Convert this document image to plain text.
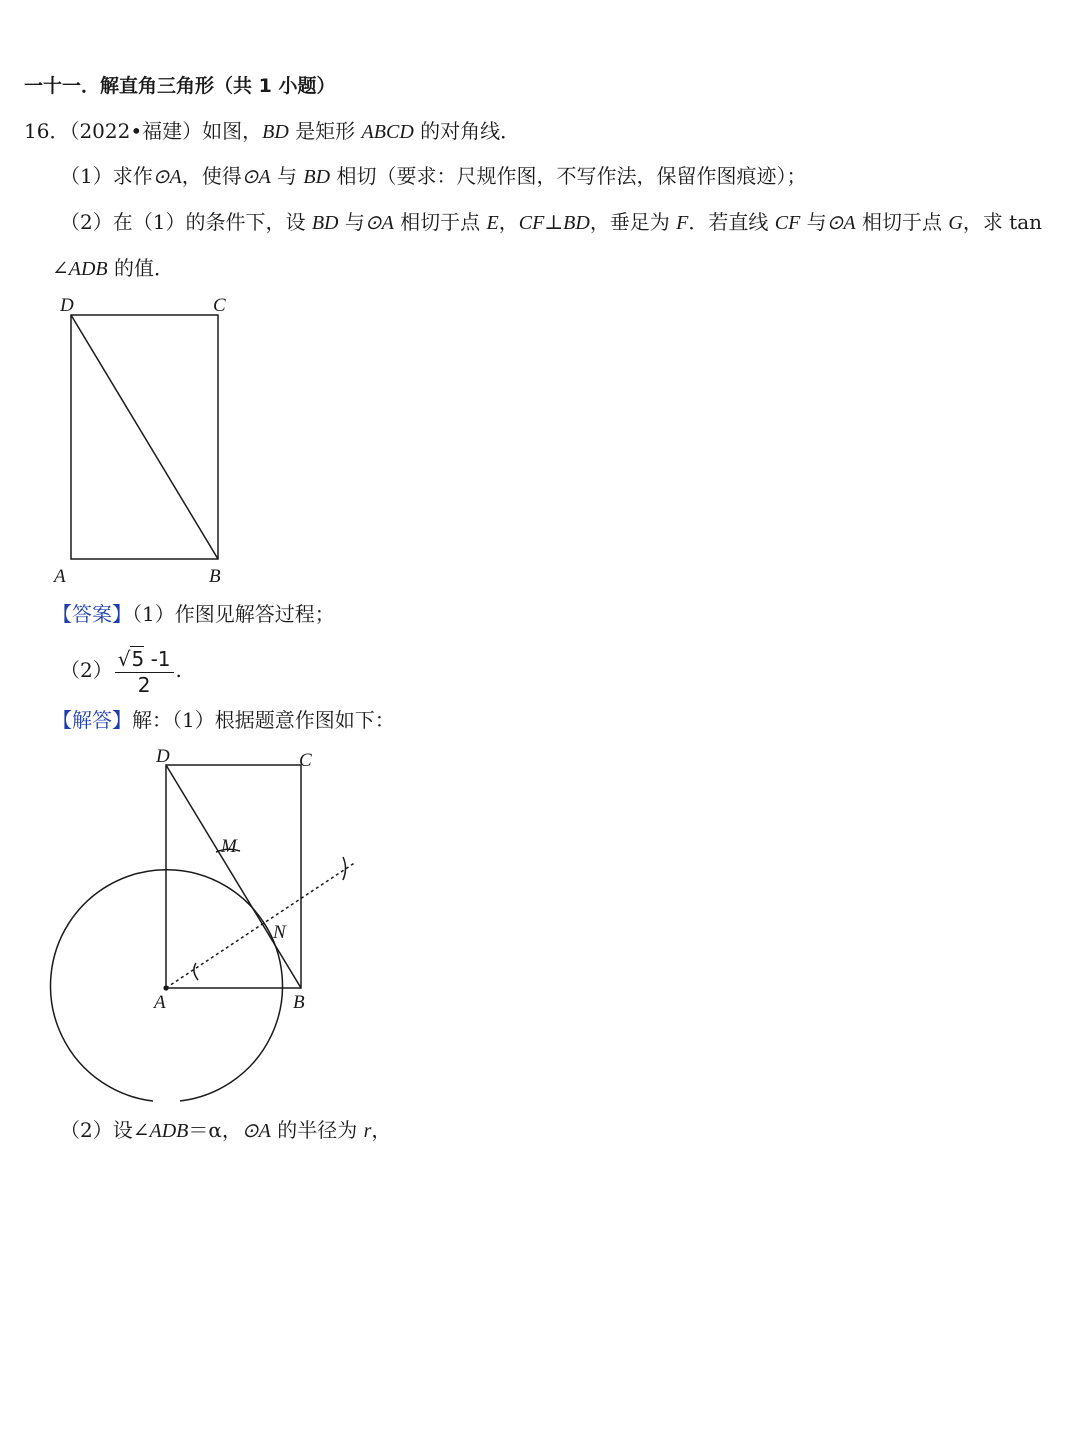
一十一．解直角三角形（共 1 小题）
16．（2022•福建）如图，BD 是矩形 ABCD 的对角线．
（1）求作⊙A，使得⊙A 与 BD 相切（要求：尺规作图，不写作法，保留作图痕迹）；
（2）在（1）的条件下，设 BD 与⊙A 相切于点 E，CF⊥BD，垂足为 F．若直线 CF 与⊙A 相切于点 G，求 tan
∠ADB 的值．
D	C
A	B
D	C
M
N
A	B
【答案】（1）作图见解答过程；
$(2) \frac{√5 -1}{2}$ .
【解答】解：（1）根据题意作图如下：
（2）设∠ADB＝α，⊙A 的半径为 r，
